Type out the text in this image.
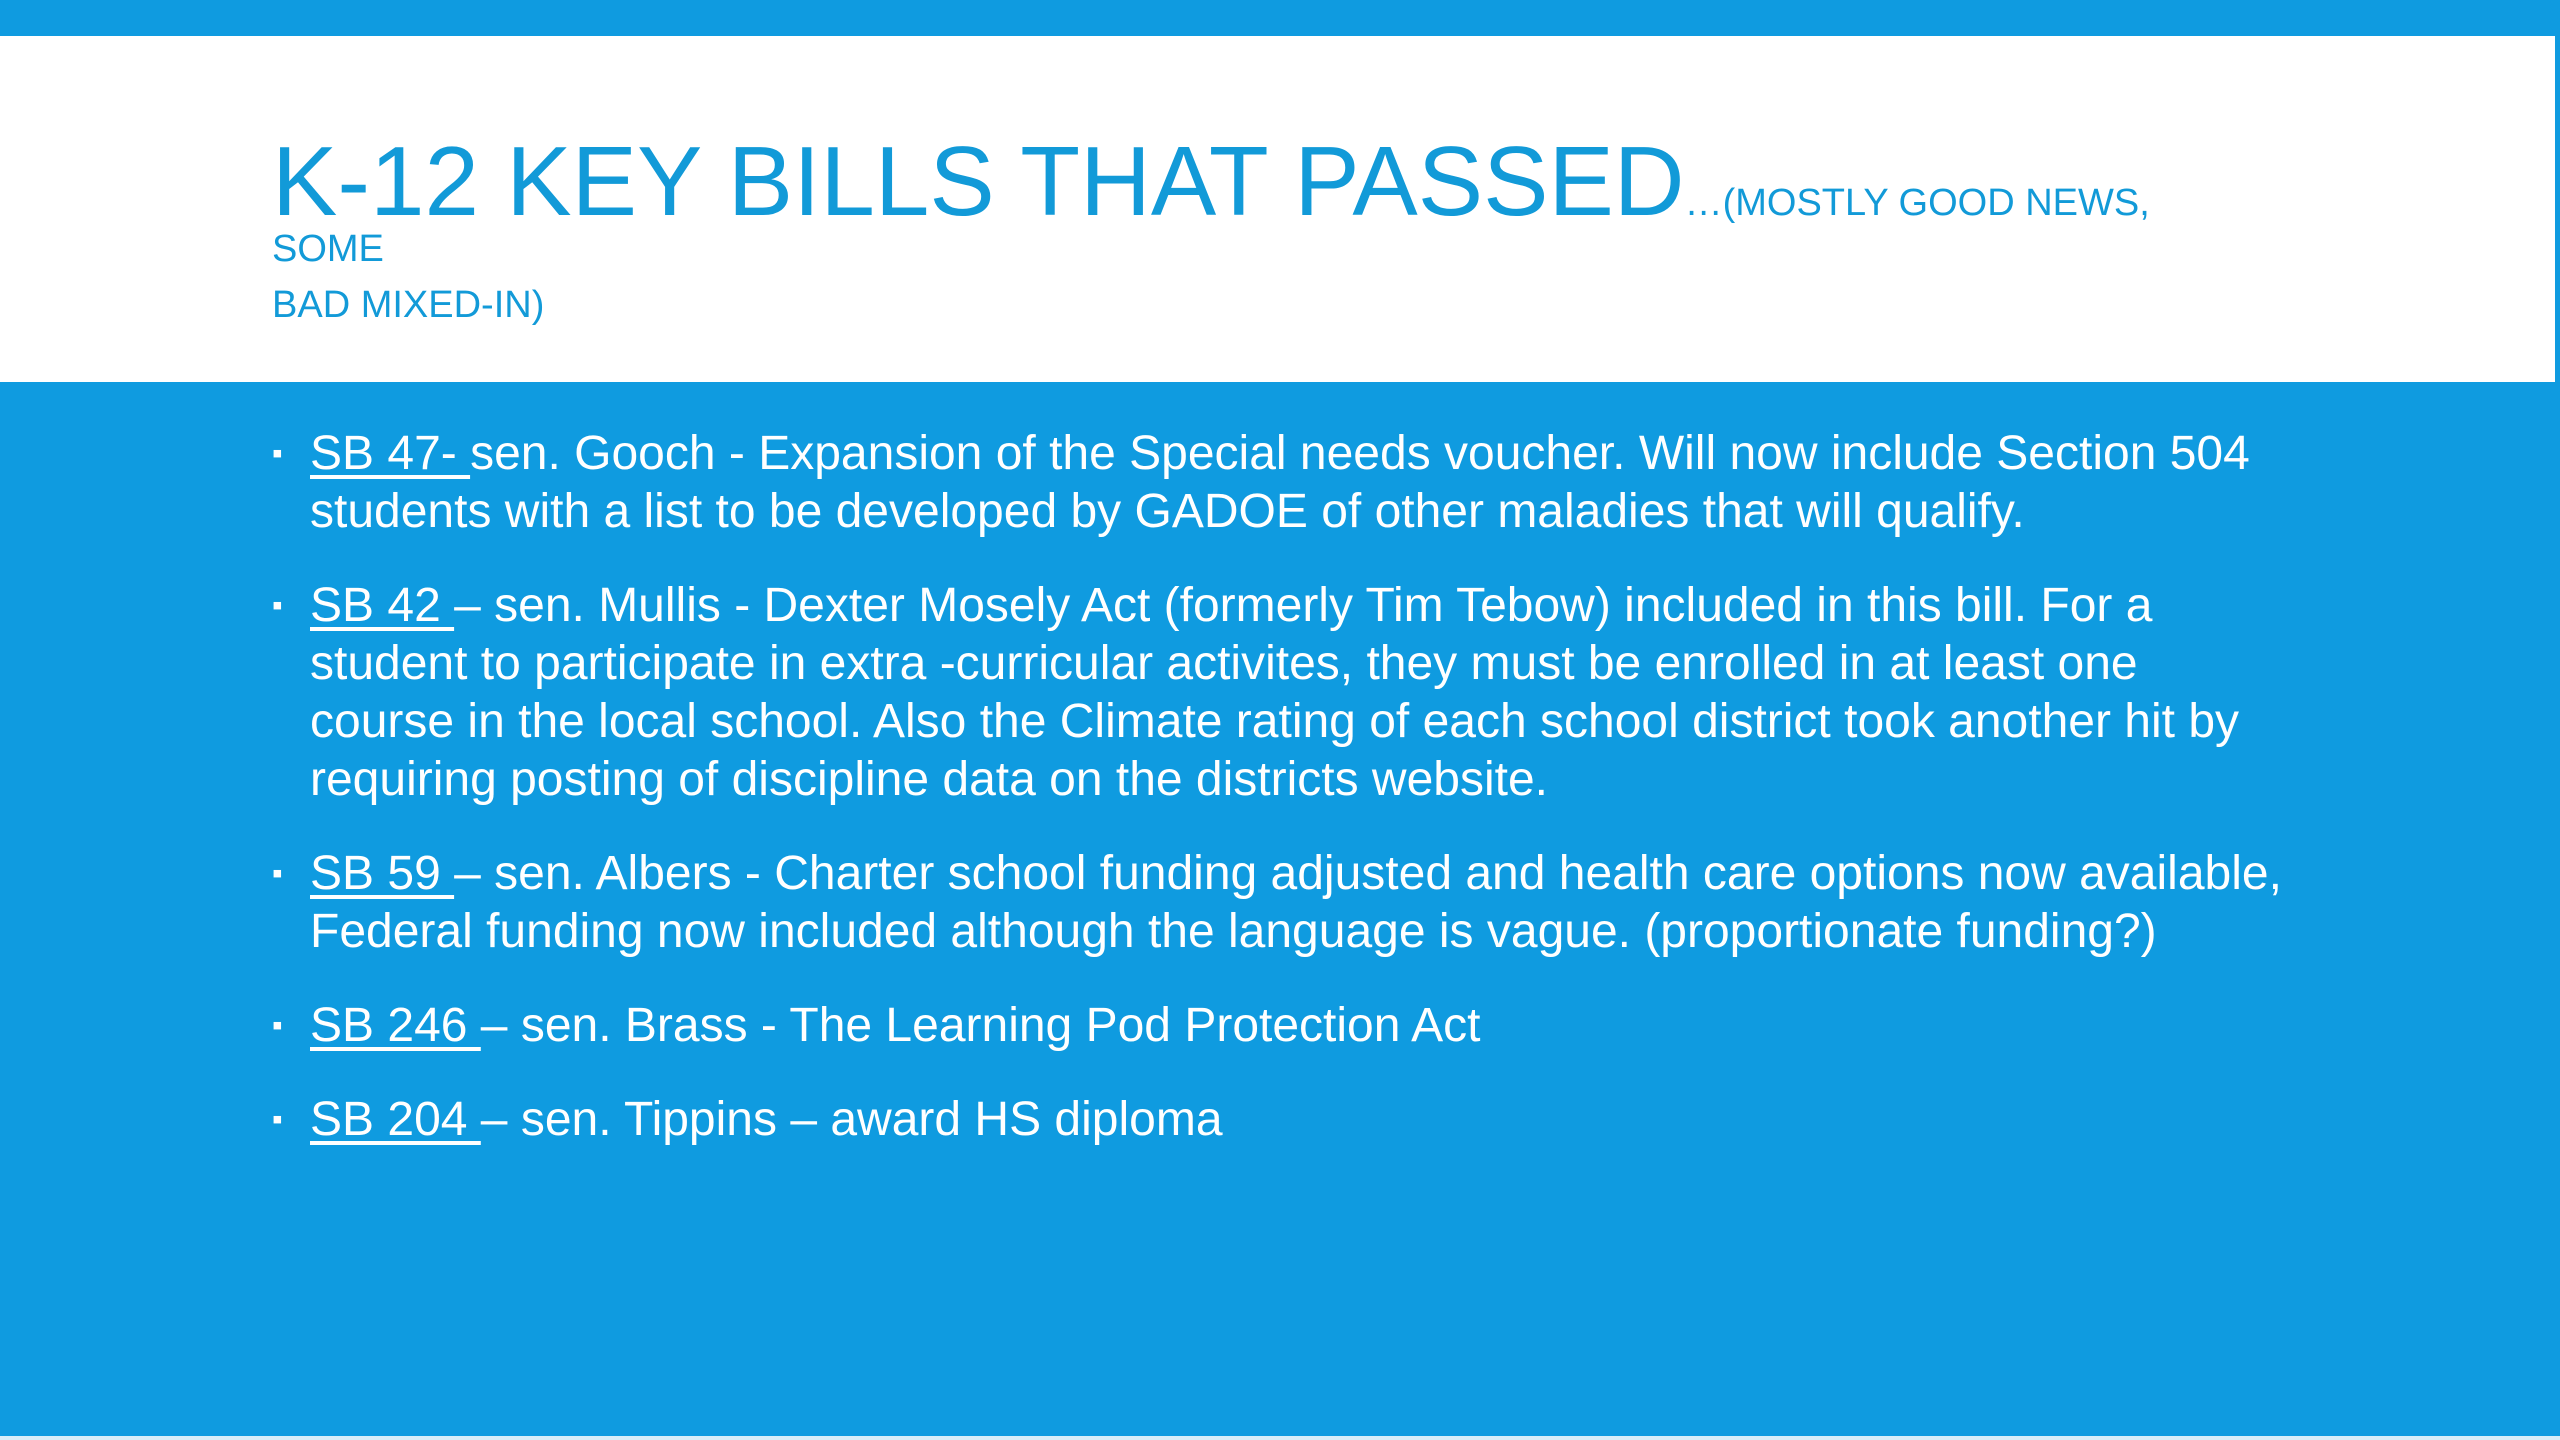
K-12 KEY BILLS THAT PASSED…(MOSTLY GOOD NEWS, SOME
BAD MIXED-IN)
▪ SB 47- sen. Gooch - Expansion of the Special needs voucher. Will now include Section 504 students with a list to be developed by GADOE of other maladies that will qualify.
▪ SB 42 – sen. Mullis - Dexter Mosely Act (formerly Tim Tebow) included in this bill. For a student to participate in extra -curricular activites, they must be enrolled in at least one course in the local school. Also the Climate rating of each school district took another hit by requiring posting of discipline data on the districts website.
▪ SB 59 – sen. Albers - Charter school funding adjusted and health care options now available, Federal funding now included although the language is vague. (proportionate funding?)
▪ SB 246 – sen. Brass - The Learning Pod Protection Act
▪ SB 204 – sen. Tippins – award HS diploma
